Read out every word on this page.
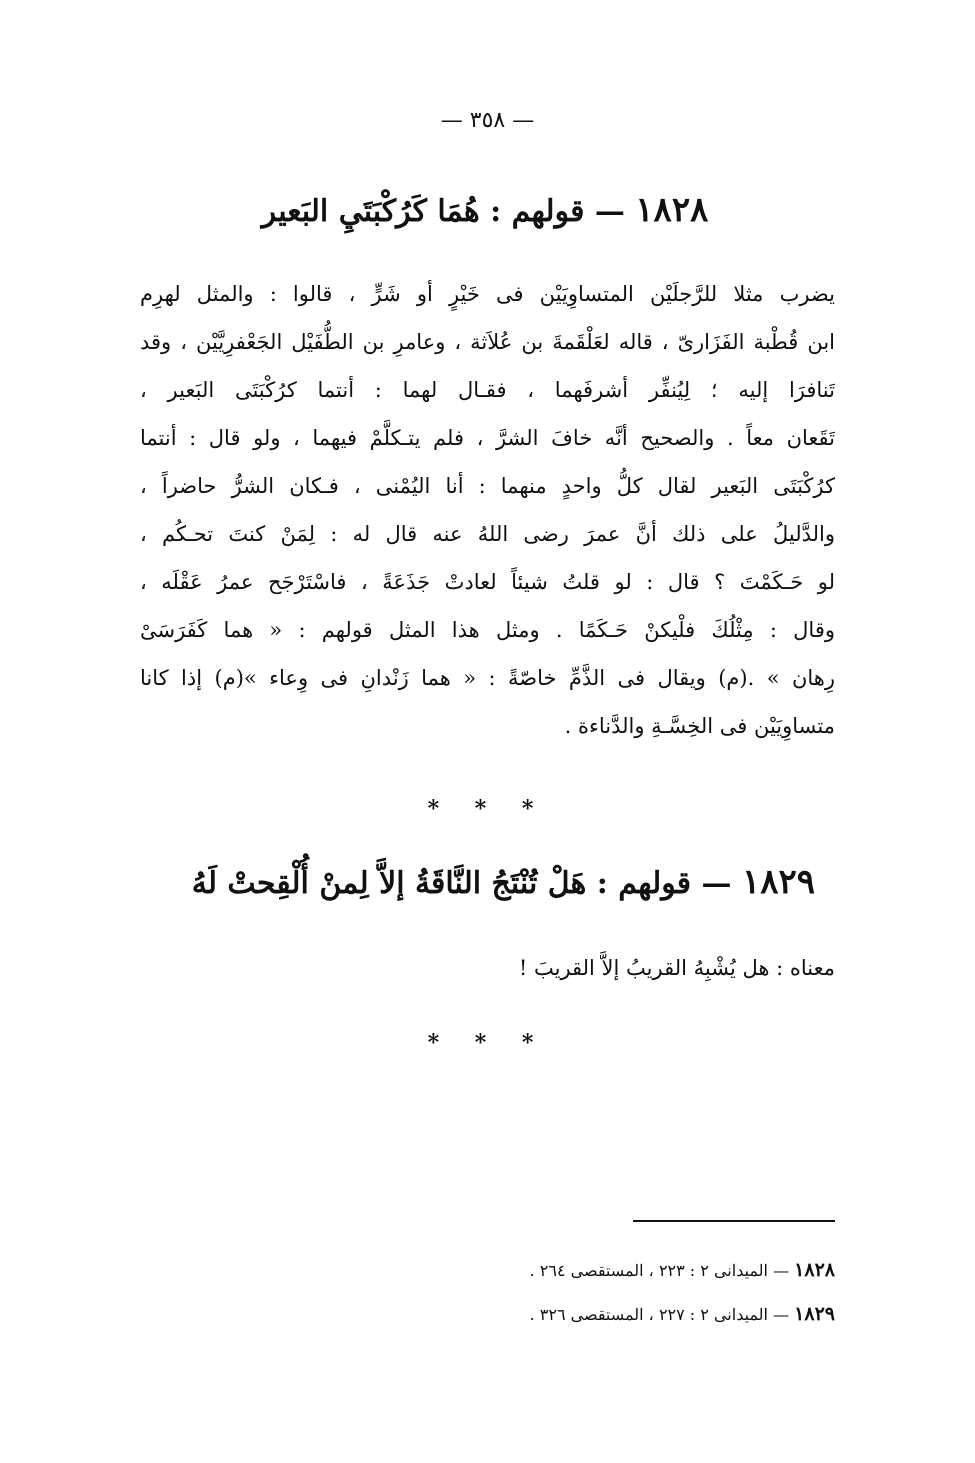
— ٣٥٨ —
١٨٢٨ — قولهم : هُمَا كَرُكْبَتَيِ البَعير
يضرب مثلا للرَّجلَيْن المتساوِيَيْن فى خَيْرٍ أو شَرٍّ ، قالوا : والمثل لهرِم
ابن قُطْبة الفَزَارىّ ، قاله لعَلْقَمةَ بن عُلاَثة ، وعامرِ بن الطُّفَيْل الجَعْفرِيَّيْن ، وقد
تَنافرَا إليه ؛ لِيُنفِّر أشرفَهما ، فقـال لهما : أنتما كرُكْبَتَى البَعير ،
تَقَعان معاً . والصحيح أنَّه خافَ الشرَّ ، فلم يتـكلَّمْ فيهما ، ولو قال : أنتما
كرُكْبَتَى البَعير لقال كلُّ واحدٍ منهما : أنا اليُمْنى ، فـكان الشرُّ حاضراً ،
والدَّليلُ على ذلك أنَّ عمرَ رضى اللهُ عنه قال له : لِمَنْ كنتَ تحـكُم ،
لو حَـكَمْتَ ؟ قال : لو قلتُ شيئاً لعادتْ جَذَعَةً ، فاسْتَرْجَح عمرُ عَقْلَه ،
وقال : مِثْلُكَ فلْيكنْ حَـكَمًا . ومثل هذا المثل قولهم : « هما كَفَرَسَىْ
رِهان » .(م) ويقال فى الذَّمِّ خاصّةً : « هما زَنْدانِ فى وِعاء »(م) إذا كانا
متساوِيَيْن فى الخِسَّـةِ والدَّناءة .
* * *
١٨٢٩ — قولهم : هَلْ تُنْتَجُ النَّاقَةُ إلاَّ لِمنْ أُلْقِحتْ لَهُ
معناه : هل يُشْبِهُ القريبُ إلاَّ القريبَ !
* * *
١٨٢٨ — الميدانى ٢ : ٢٢٣ ، المستقصى ٢٦٤ .
١٨٢٩ — الميدانى ٢ : ٢٢٧ ، المستقصى ٣٢٦ .
